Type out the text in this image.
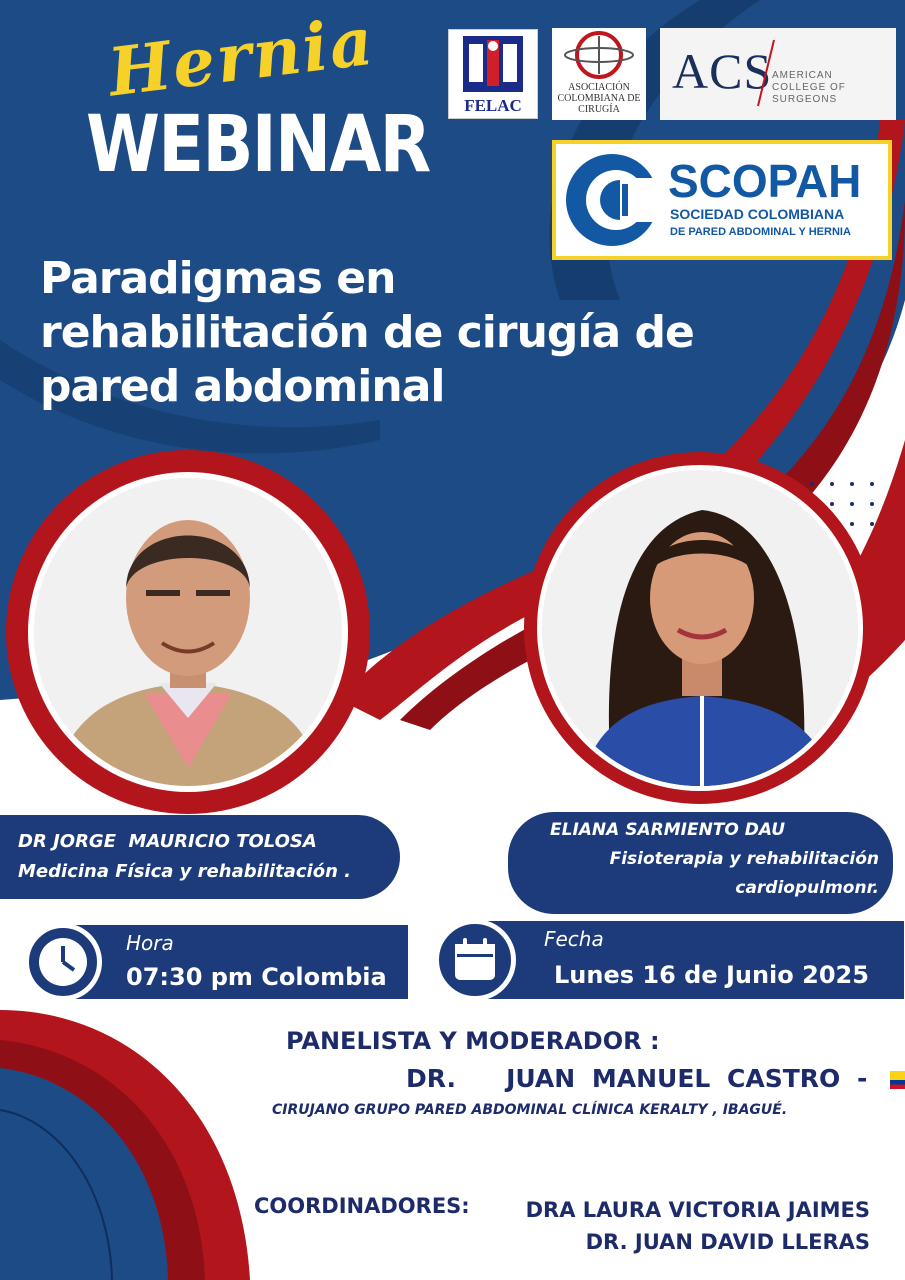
Hernia
WEBINAR	FELAC
ASOCIACIÓN COLOMBIANA DE CIRUGÍA
ACS AMERICAN COLLEGE OF SURGEONS
SCOPAH
SOCIEDAD COLOMBIANA
DE PARED ABDOMINAL Y HERNIA
Paradigmas en rehabilitación de cirugía de pared abdominal
DR JORGE  MAURICIO TOLOSA
Medicina Física y rehabilitación .
ELIANA SARMIENTO DAU
Fisioterapia y rehabilitación
cardiopulmonr.
Hora
07:30 pm Colombia
Fecha
Lunes 16 de Junio 2025
PANELISTA Y MODERADOR :
DR.   JUAN MANUEL CASTRO -
CIRUJANO GRUPO PARED ABDOMINAL CLÍNICA KERALTY , IBAGUÉ.
COORDINADORES:	DRA LAURA VICTORIA JAIMES
DR. JUAN DAVID LLERAS
